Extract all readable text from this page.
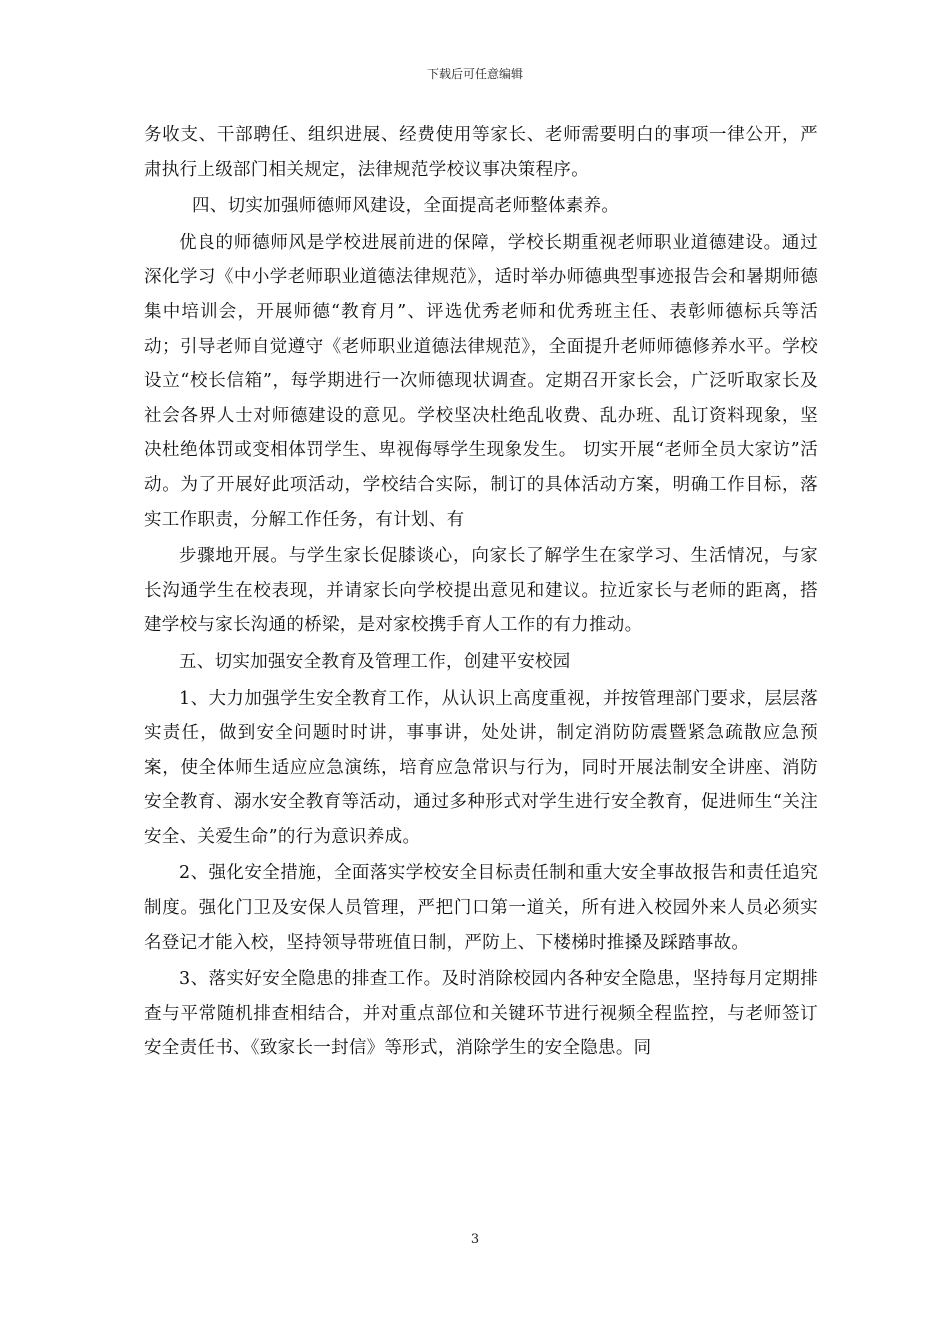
下载后可任意编辑

务收支、干部聘任、组织进展、经费使用等家长、老师需要明白的事项一律公开，严肃执行上级部门相关规定，法律规范学校议事决策程序。

四、切实加强师德师风建设，全面提高老师整体素养。

优良的师德师风是学校进展前进的保障，学校长期重视老师职业道德建设。通过深化学习《中小学老师职业道德法律规范》，适时举办师德典型事迹报告会和暑期师德集中培训会，开展师德“教育月”、评选优秀老师和优秀班主任、表彰师德标兵等活动；引导老师自觉遵守《老师职业道德法律规范》，全面提升老师师德修养水平。学校设立“校长信箱”，每学期进行一次师德现状调查。定期召开家长会，广泛听取家长及社会各界人士对师德建设的意见。学校坚决杜绝乱收费、乱办班、乱订资料现象，坚决杜绝体罚或变相体罚学生、卑视侮辱学生现象发生。 切实开展“老师全员大家访”活动。为了开展好此项活动，学校结合实际，制订的具体活动方案，明确工作目标，落实工作职责，分解工作任务，有计划、有

步骤地开展。与学生家长促膝谈心，向家长了解学生在家学习、生活情况，与家长沟通学生在校表现，并请家长向学校提出意见和建议。拉近家长与老师的距离，搭建学校与家长沟通的桥梁，是对家校携手育人工作的有力推动。

五、切实加强安全教育及管理工作，创建平安校园

1、大力加强学生安全教育工作，从认识上高度重视，并按管理部门要求，层层落实责任，做到安全问题时时讲，事事讲，处处讲，制定消防防震暨紧急疏散应急预案，使全体师生适应应急演练，培育应急常识与行为，同时开展法制安全讲座、消防安全教育、溺水安全教育等活动，通过多种形式对学生进行安全教育，促进师生“关注安全、关爱生命”的行为意识养成。

2、强化安全措施，全面落实学校安全目标责任制和重大安全事故报告和责任追究制度。强化门卫及安保人员管理，严把门口第一道关，所有进入校园外来人员必须实名登记才能入校，坚持领导带班值日制，严防上、下楼梯时推搡及踩踏事故。

3、落实好安全隐患的排查工作。及时消除校园内各种安全隐患，坚持每月定期排查与平常随机排查相结合，并对重点部位和关键环节进行视频全程监控，与老师签订安全责任书、《致家长一封信》等形式，消除学生的安全隐患。同

3
